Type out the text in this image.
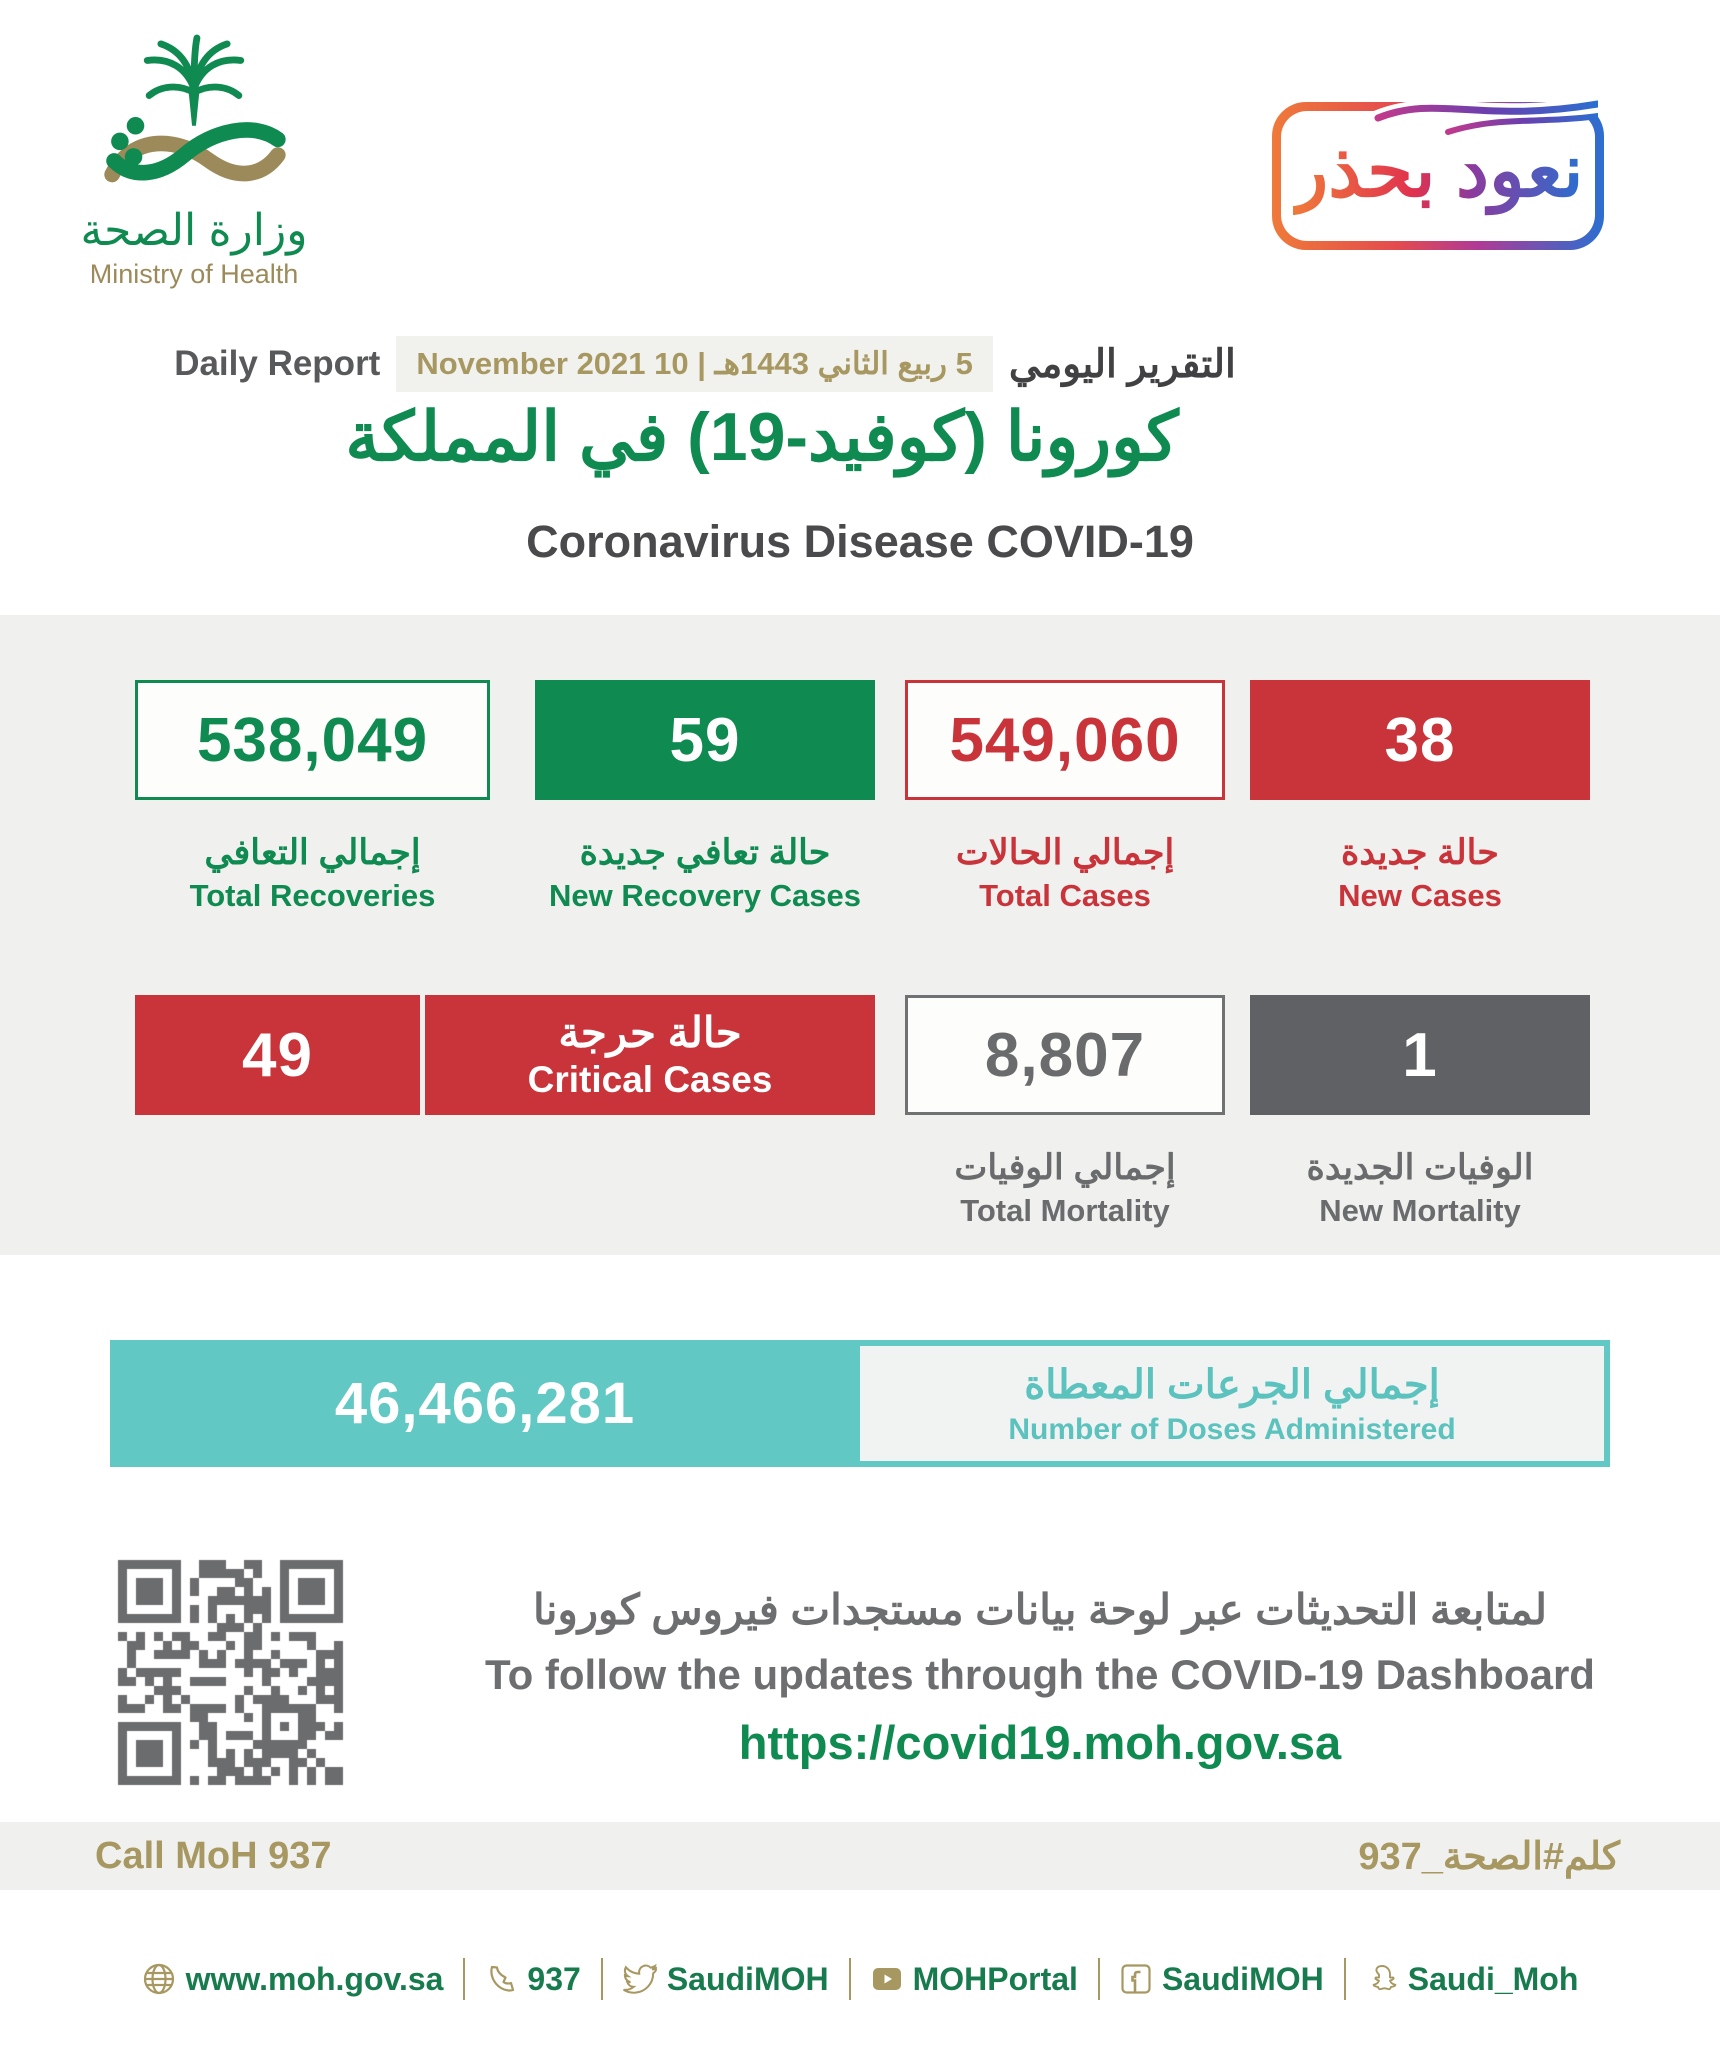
وزارة الصحة
Ministry of Health
نعود بحذر
Daily Report	5 ربيع الثاني 1443هـ | 10 November 2021 التقرير اليومي
كورونا (كوفيد-19) في المملكة
Coronavirus Disease COVID-19
538,049	59	549,060	38
إجمالي التعافي
Total Recoveries
حالة تعافي جديدة
New Recovery Cases
إجمالي الحالات
Total Cases
حالة جديدة
New Cases
49	حالة حرجة
Critical Cases	8,807	1
إجمالي الوفيات
Total Mortality
الوفيات الجديدة
New Mortality
46,466,281	إجمالي الجرعات المعطاة
Number of Doses Administered
لمتابعة التحديثات عبر لوحة بيانات مستجدات فيروس كورونا
To follow the updates through the COVID-19 Dashboard
https://covid19.moh.gov.sa
Call MoH 937	كلم#الصحة_937
www.moh.gov.sa	937	SaudiMOH	MOHPortal	SaudiMOH	Saudi_Moh
